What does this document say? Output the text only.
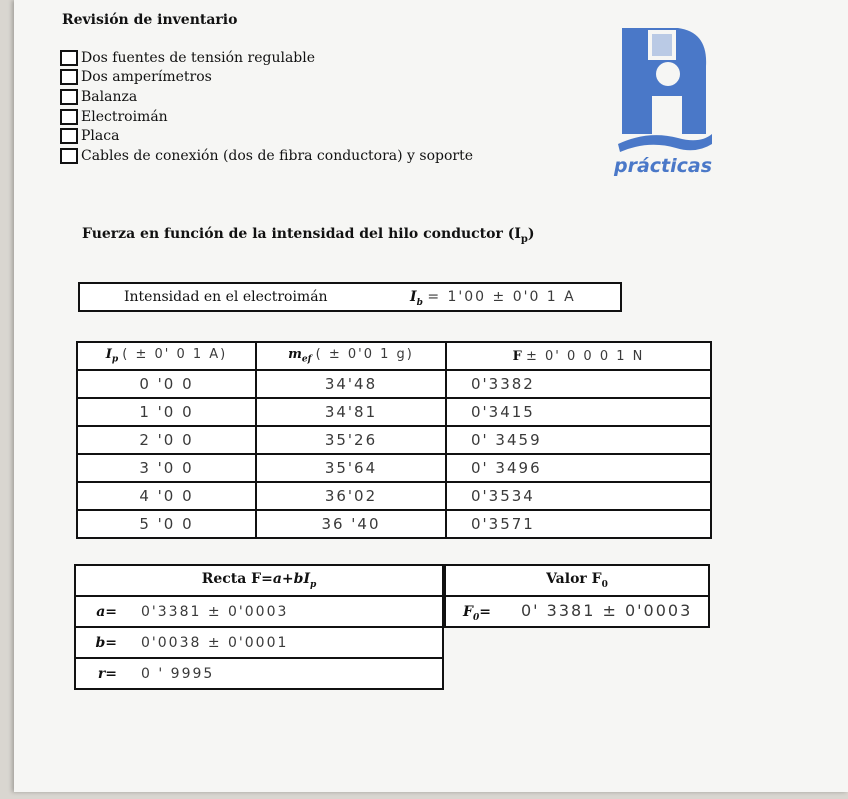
Revisión de inventario
Dos fuentes de tensión regulable
Dos amperímetros
Balanza
Electroimán
Placa
Cables de conexión (dos de fibra conductora) y soporte	prácticas
Fuerza en función de la intensidad del hilo conductor $(I_p)$
Intensidad en el electroimán	$I_b = 1'00 \pm 0'0$ 1 A
$I_p$ ( ± 0' 0 1 A)	$m_{ef}$ ( ± 0'0 1 g)	F ± 0' 0 0 0 1 N
0 '0 0	34'48	0'3382
1 '0 0	34'81	0'3415
2 '0 0	35'26	0' 3459
3 '0 0	35'64	0' 3496
4 '0 0	36'02	0'3534
5 '0 0	36 '40	0'3571
Recta $F=a+bI_p$
a= 0'3381 ± 0'0003
b= 0'0038 ± 0'0001
r= 0 ' 9995
Valor $F_0$
$F_0= 0'$ 3381 ± 0'0003
